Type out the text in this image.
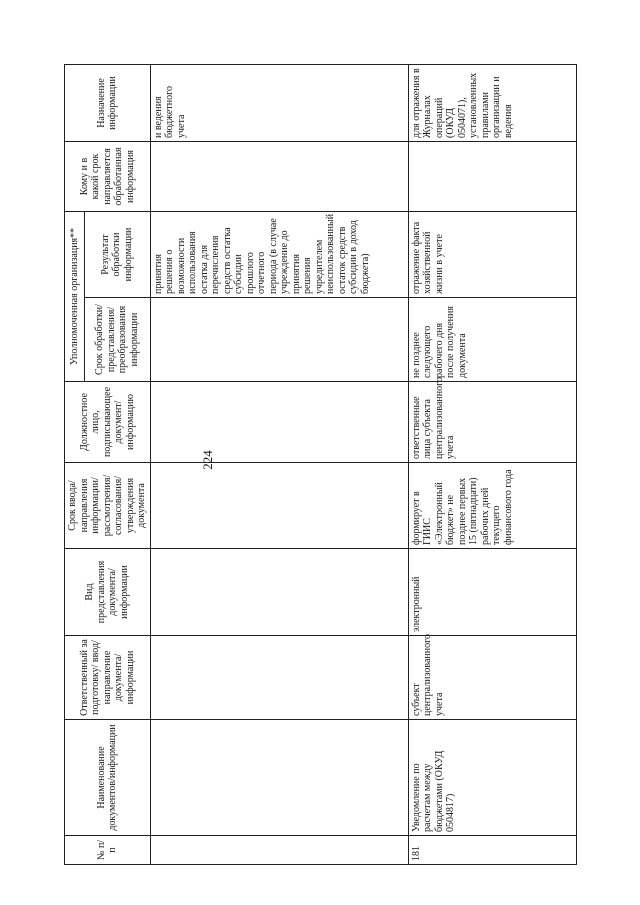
224
№ п/п	Наименование документов/информации	Ответственный за подготовку/ ввод/ направление документа/ информации	Вид представления документа/ информации	Срок ввода/ направления информации/ рассмотрения/ согласования/ утверждения документа	Должностное лицо, подписывающее документ/ информацию	Уполномоченная организация**		Кому и в какой срок направляется обработанная информация	Назначение информации
						Срок обработки/ представления/ преобразования информации	Результат обработки информации		
							принятия решения о возможности использования остатка для перечисления средств остатка субсидии прошлого отчетного периода (в случае учреждение до принятия решения учредителем неиспользованный остаток средств субсидии в доход бюджета)		и ведения бюджетного учета
181	Уведомление по расчетам между бюджетами (ОКУД 0504817)	субъект централизованного учета	электронный	формирует в ГИИС «Электронный бюджет» не позднее первых 15 (пятнадцати) рабочих дней текущего финансового года	ответственные лица субъекта централизованного учета	не позднее следующего рабочего дня после получения документа	отражение факта хозяйственной жизни в учете		для отражения в Журналах операций (ОКУД 0504071), установленных правилами организации и ведения
